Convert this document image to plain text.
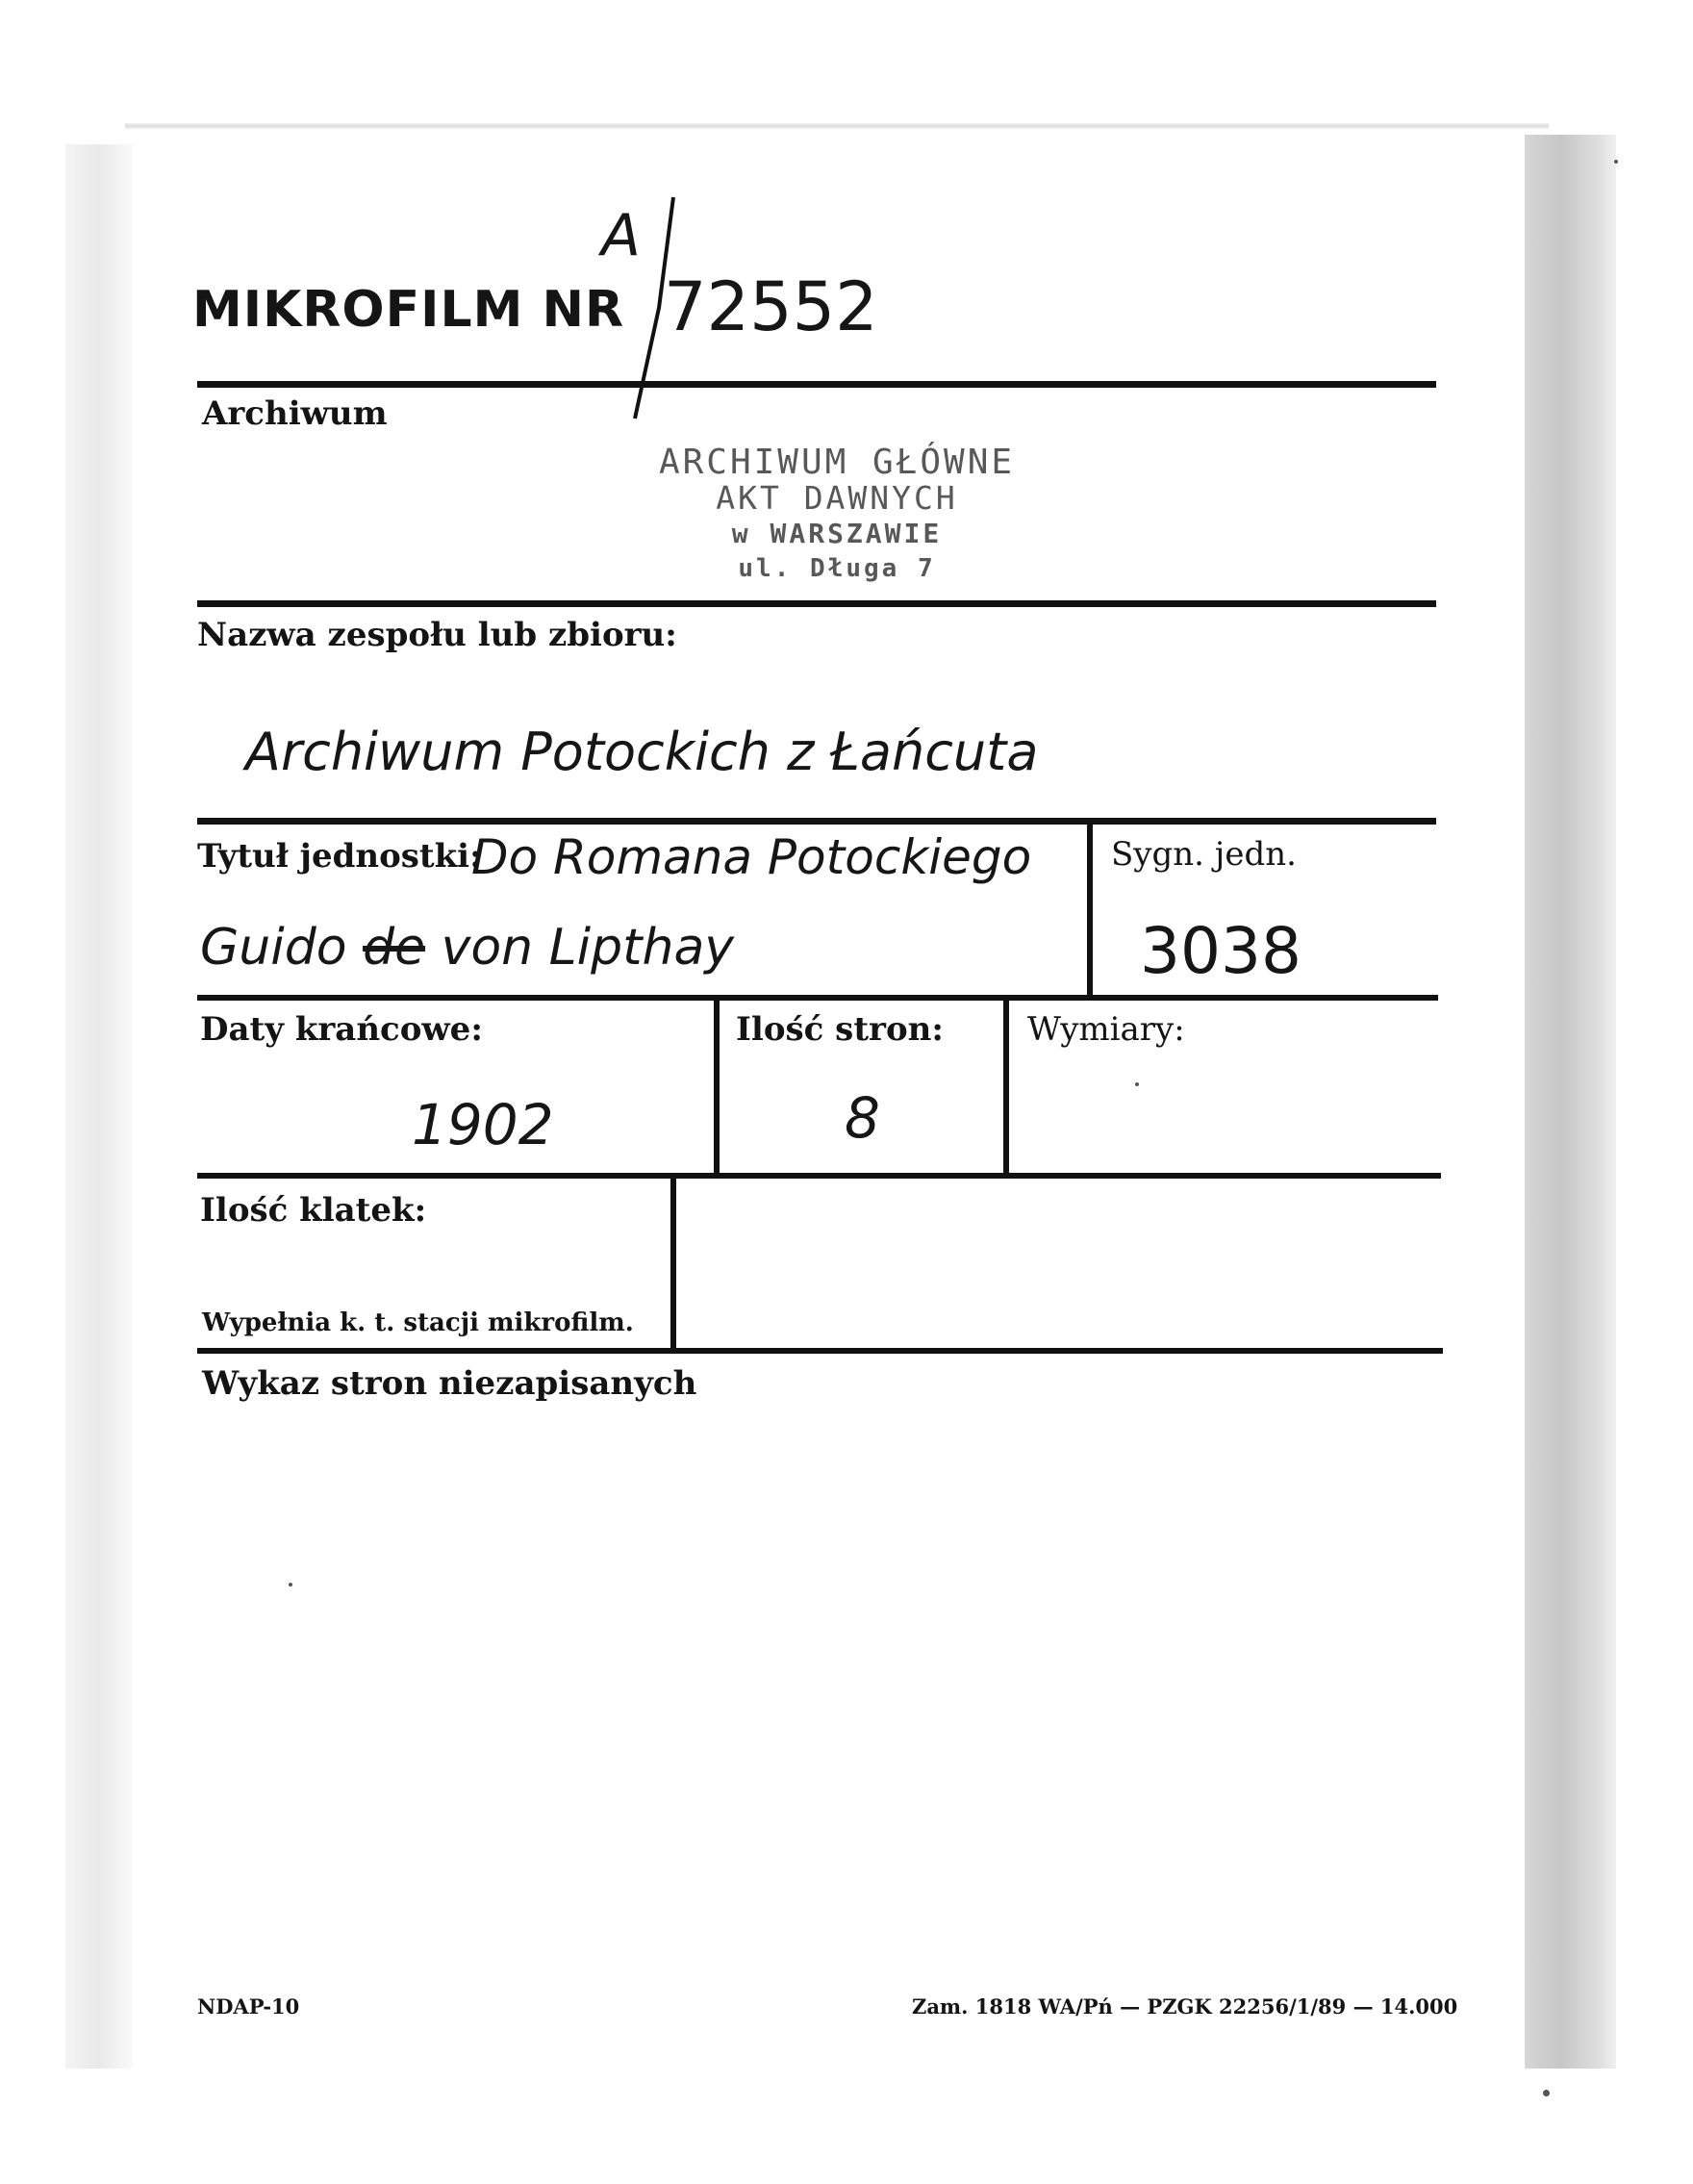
MIKROFILM NR
A
72552
Archiwum
ARCHIWUM GŁÓWNE
AKT DAWNYCH
w WARSZAWIE
ul. Długa 7
Nazwa zespołu lub zbioru:
Archiwum Potockich z Łańcuta
Tytuł jednostki:
Do Romana Potockiego
Guido de von Lipthay
Sygn. jedn.
3038
Daty krańcowe:
1902
Ilość stron:
8
Wymiary:
Ilość klatek:
Wypełnia k. t. stacji mikrofilm.
Wykaz stron niezapisanych
NDAP-10	Zam. 1818 WA/Pń — PZGK 22256/1/89 — 14.000
